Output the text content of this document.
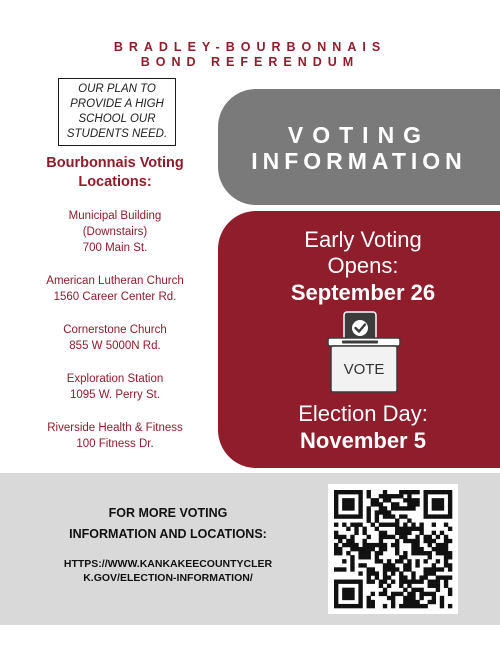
BRADLEY-BOURBONNAIS
BOND REFERENDUM
OUR PLAN TO
PROVIDE A HIGH
SCHOOL OUR
STUDENTS NEED.
Bourbonnais Voting
Locations:
Municipal Building
(Downstairs)
700 Main St.
American Lutheran Church
1560 Career Center Rd.
Cornerstone Church
855 W 5000N Rd.
Exploration Station
1095 W. Perry St.
Riverside Health & Fitness
100 Fitness Dr.
VOTING
INFORMATION
Early Voting
Opens:
September 26
VOTE
Election Day:
November 5
FOR MORE VOTING
INFORMATION AND LOCATIONS:
HTTPS://WWW.KANKAKEECOUNTYCLER
K.GOV/ELECTION-INFORMATION/
